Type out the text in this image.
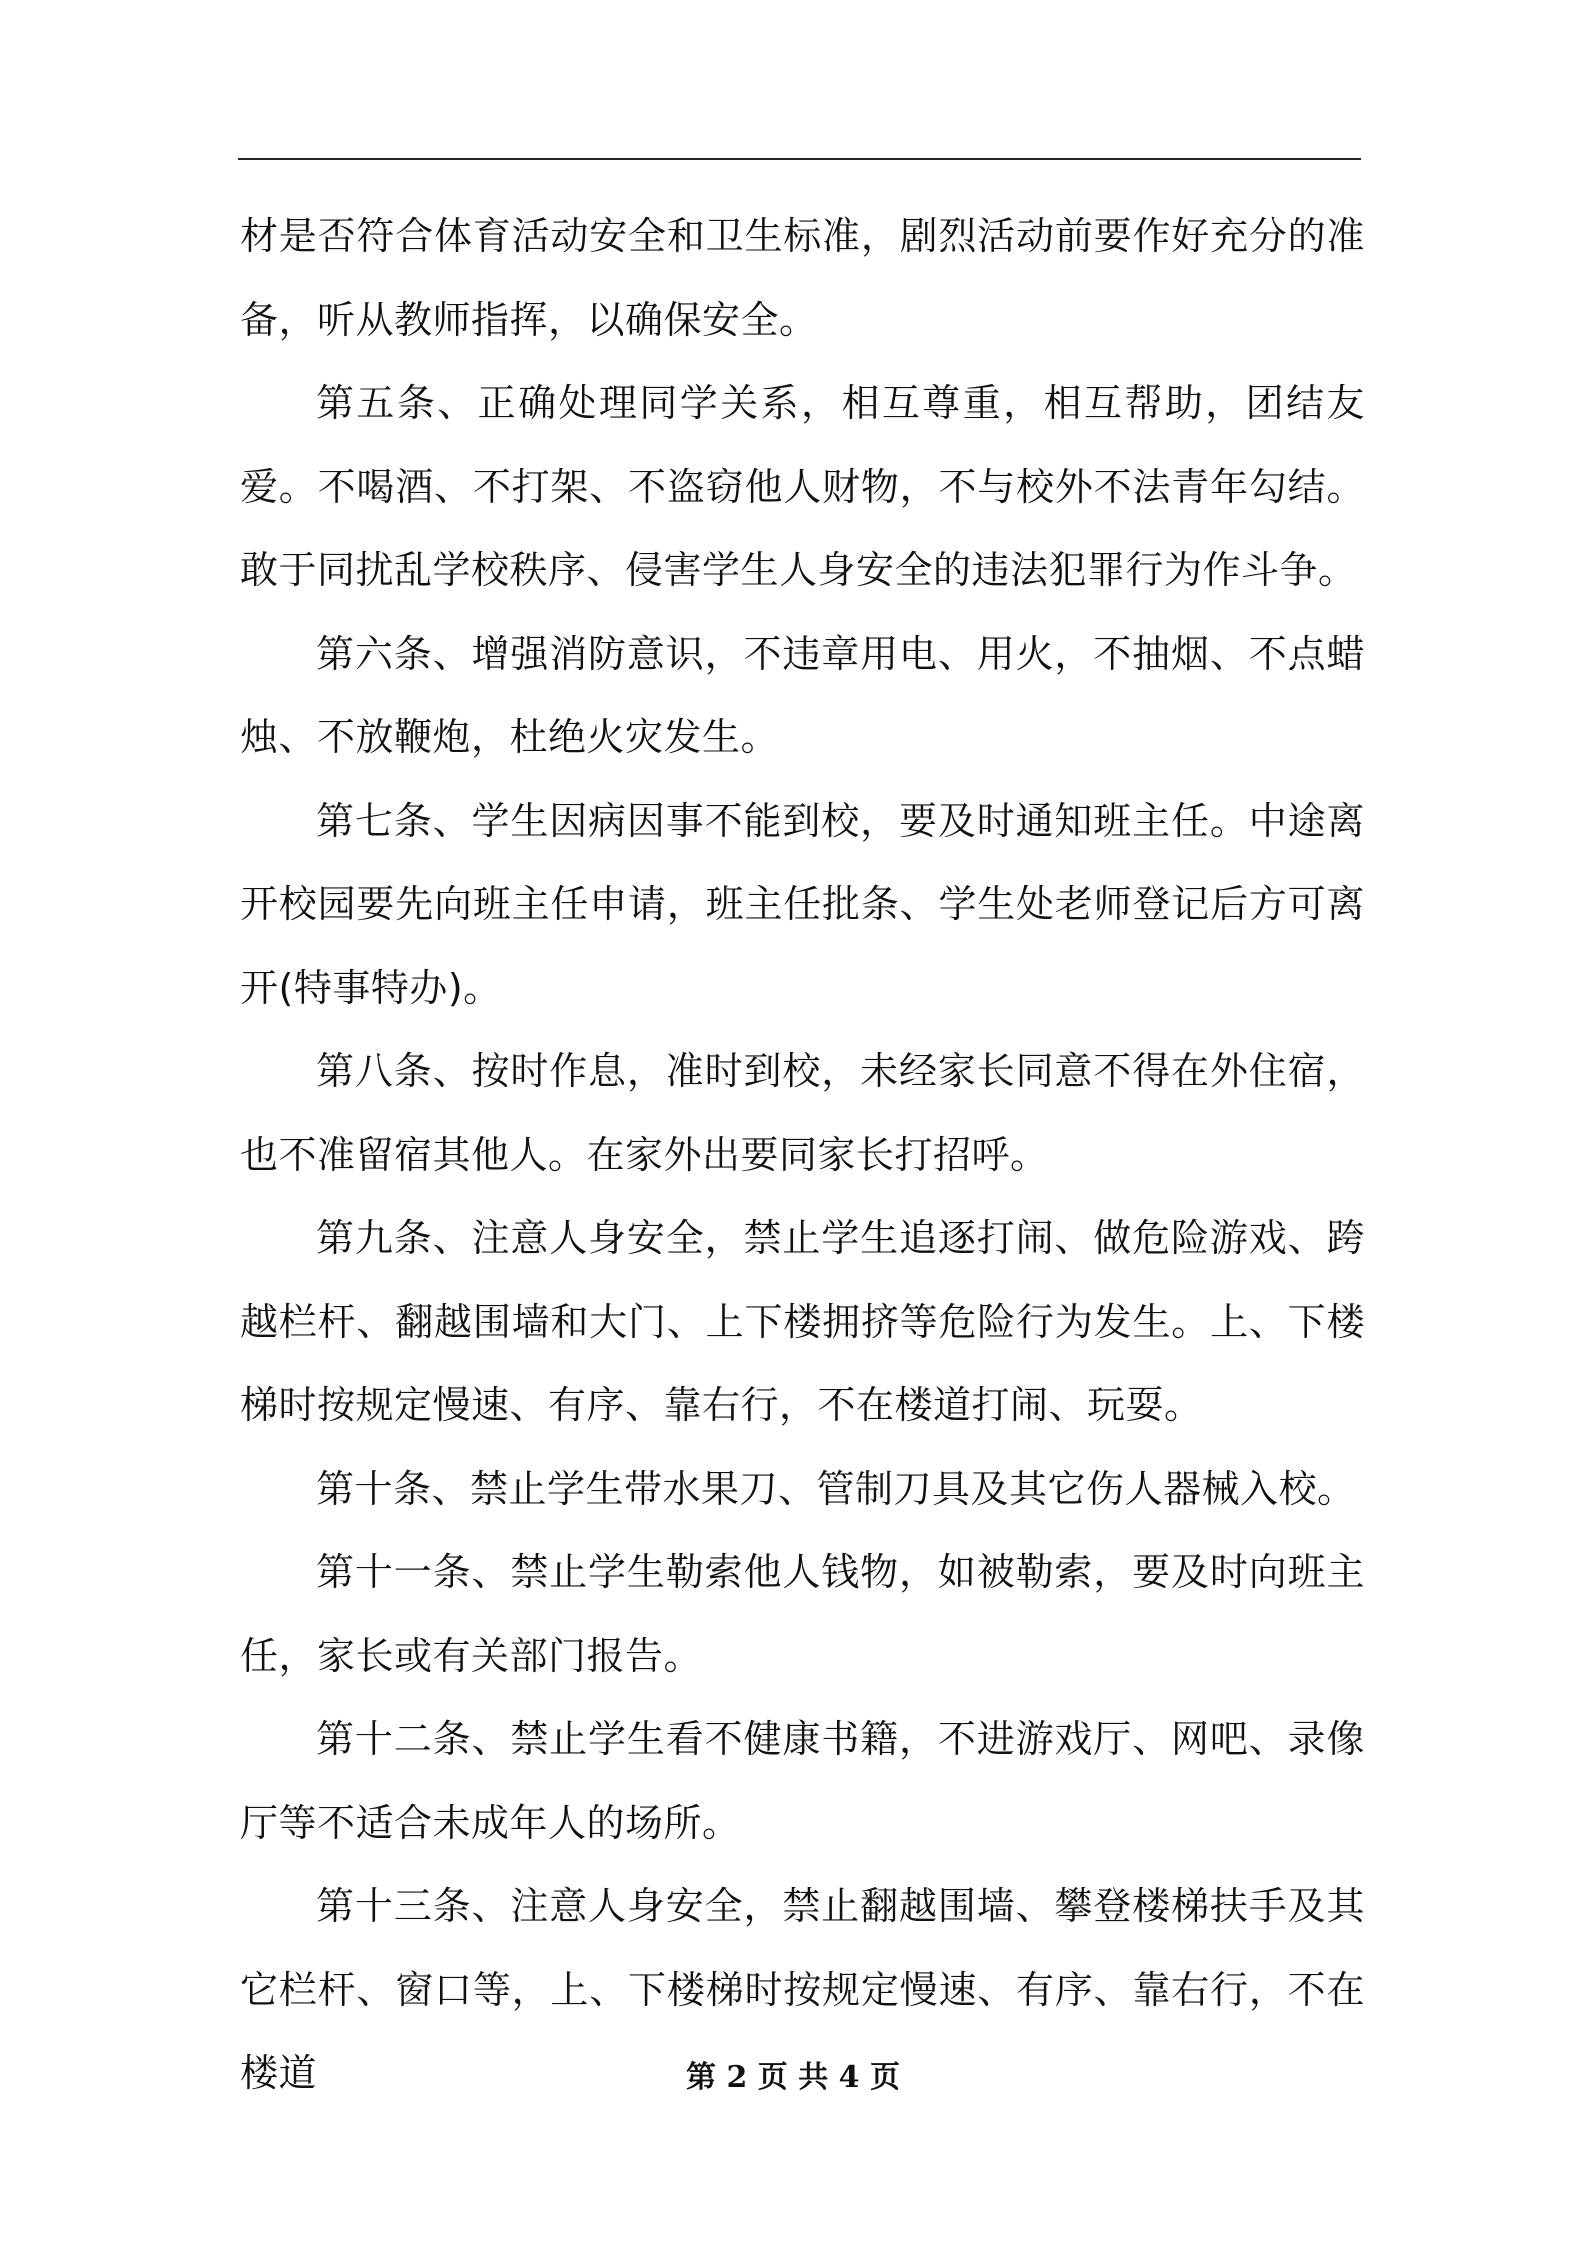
材是否符合体育活动安全和卫生标准，剧烈活动前要作好充分的准备，听从教师指挥，以确保安全。

第五条、正确处理同学关系，相互尊重，相互帮助，团结友爱。不喝酒、不打架、不盗窃他人财物，不与校外不法青年勾结。敢于同扰乱学校秩序、侵害学生人身安全的违法犯罪行为作斗争。

第六条、增强消防意识，不违章用电、用火，不抽烟、不点蜡烛、不放鞭炮，杜绝火灾发生。

第七条、学生因病因事不能到校，要及时通知班主任。中途离开校园要先向班主任申请，班主任批条、学生处老师登记后方可离开(特事特办)。

第八条、按时作息，准时到校，未经家长同意不得在外住宿，也不准留宿其他人。在家外出要同家长打招呼。

第九条、注意人身安全，禁止学生追逐打闹、做危险游戏、跨越栏杆、翻越围墙和大门、上下楼拥挤等危险行为发生。上、下楼梯时按规定慢速、有序、靠右行，不在楼道打闹、玩耍。

第十条、禁止学生带水果刀、管制刀具及其它伤人器械入校。

第十一条、禁止学生勒索他人钱物，如被勒索，要及时向班主任，家长或有关部门报告。

第十二条、禁止学生看不健康书籍，不进游戏厅、网吧、录像厅等不适合未成年人的场所。

第十三条、注意人身安全，禁止翻越围墙、攀登楼梯扶手及其它栏杆、窗口等，上、下楼梯时按规定慢速、有序、靠右行，不在楼道	第 2 页 共 4 页
